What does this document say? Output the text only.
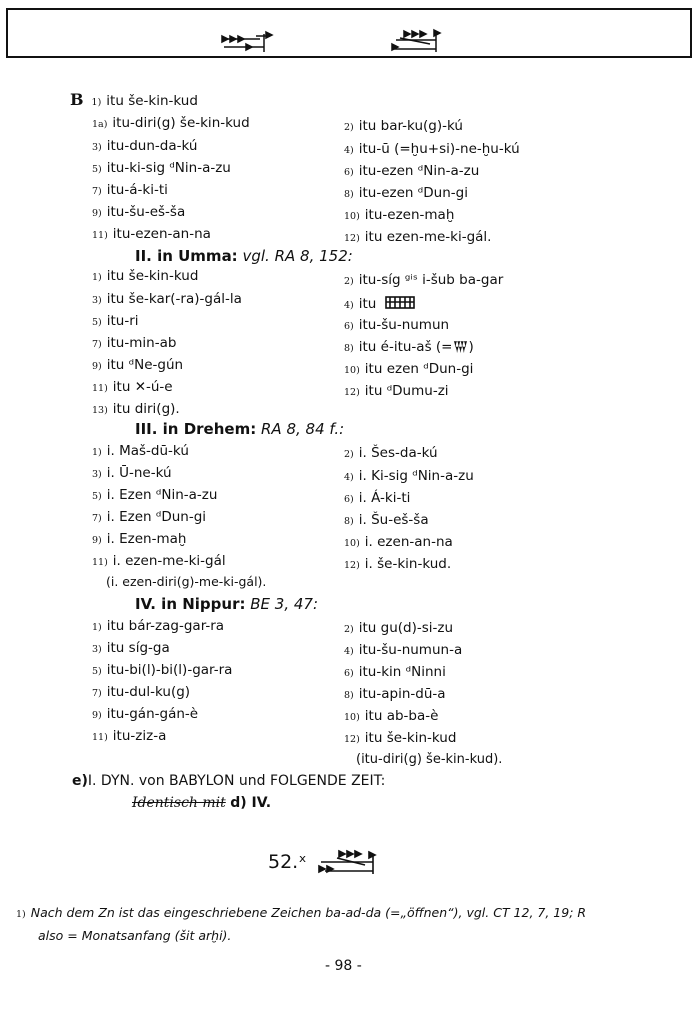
B 1) itu še-kin-kud
1a) itu-diri(g) še-kin-kud
3) itu-dun-da-kú
5) itu-ki-sig ᵈNin-a-zu
7) itu-á-ki-ti
9) itu-šu-eš-ša
11) itu-ezen-an-na
2) itu bar-ku(g)-kú
4) itu-ū (=ḫu+si)-ne-ḫu-kú
6) itu-ezen ᵈNin-a-zu
8) itu-ezen ᵈDun-gi
10) itu-ezen-maḫ
12) itu ezen-me-ki-gál.
II. in Umma: vgl. RA 8, 152:
1) itu še-kin-kud
3) itu še-kar(-ra)-gál-la
5) itu-ri
7) itu-min-ab
9) itu ᵈNe-gún
11) itu ✕-ú-e
13) itu diri(g).
2) itu-síg ᵍⁱˢ i-šub ba-gar
4) itu
6) itu-šu-numun
8) itu é-itu-aš (=𒐌)
10) itu ezen ᵈDun-gi
12) itu ᵈDumu-zi
III. in Drehem: RA 8, 84 f.:
1) i. Maš-dū-kú
3) i. Ū-ne-kú
5) i. Ezen ᵈNin-a-zu
7) i. Ezen ᵈDun-gi
9) i. Ezen-maḫ
11) i. ezen-me-ki-gál
(i. ezen-diri(g)-me-ki-gál).
2) i. Šes-da-kú
4) i. Ki-sig ᵈNin-a-zu
6) i. Á-ki-ti
8) i. Šu-eš-ša
10) i. ezen-an-na
12) i. še-kin-kud.
IV. in Nippur: BE 3, 47:
1) itu bár-zag-gar-ra
3) itu síg-ga
5) itu-bi(l)-bi(l)-gar-ra
7) itu-dul-ku(g)
9) itu-gán-gán-è
11) itu-ziz-a
2) itu gu(d)-si-zu
4) itu-šu-numun-a
6) itu-kin ᵈNinni
8) itu-apin-dū-a
10) itu ab-ba-è
12) itu še-kin-kud
(itu-diri(g) še-kin-kud).
e)I. DYN. von BABYLON und FOLGENDE ZEIT:
Identisch mit d) IV.
52.ˣ
1) Nach dem Zn ist das eingeschriebene Zeichen ba-ad-da (=„öffnen“), vgl. CT 12, 7, 19; R
also = Monatsanfang (šit arḫi).
- 98 -
